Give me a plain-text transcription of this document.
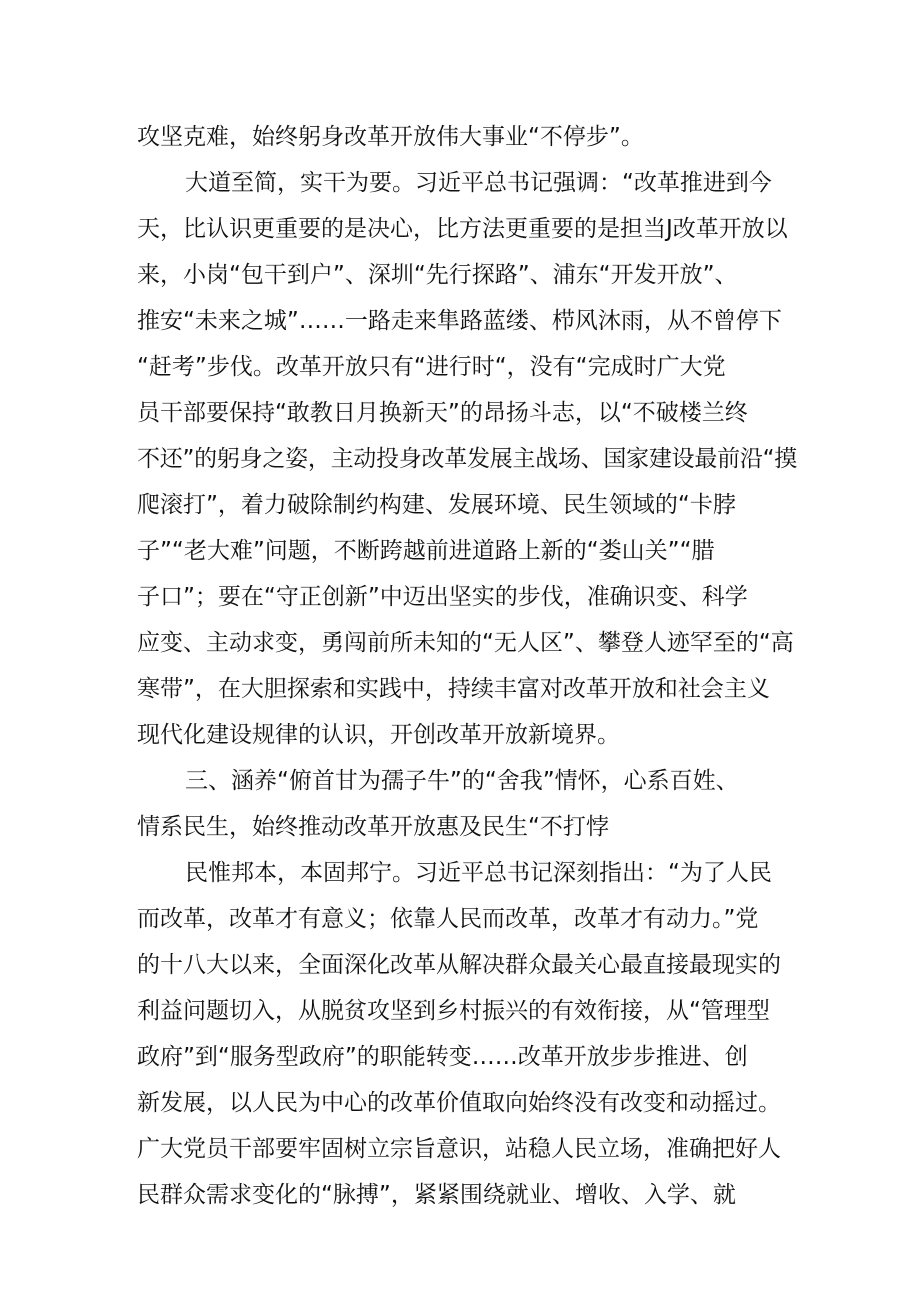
攻坚克难，始终躬身改革开放伟大事业“不停步”。
大道至简，实干为要。习近平总书记强调：“改革推进到今
天，比认识更重要的是决心，比方法更重要的是担当J改革开放以
来，小岗“包干到户”、深圳“先行探路”、浦东“开发开放”、
推安“未来之城”……一路走来隼路蓝缕、栉风沐雨，从不曾停下
“赶考”步伐。改革开放只有“进行时“，没有“完成时广大党
员干部要保持“敢教日月换新天”的昂扬斗志，以“不破楼兰终
不还”的躬身之姿，主动投身改革发展主战场、国家建设最前沿“摸
爬滚打”，着力破除制约构建、发展环境、民生领域的“卡脖
子”“老大难”问题，不断跨越前进道路上新的“娄山关”“腊
子口”；要在“守正创新”中迈出坚实的步伐，准确识变、科学
应变、主动求变，勇闯前所未知的“无人区”、攀登人迹罕至的“高
寒带”，在大胆探索和实践中，持续丰富对改革开放和社会主义
现代化建设规律的认识，开创改革开放新境界。
三、涵养“俯首甘为孺子牛”的“舍我”情怀，心系百姓、
情系民生，始终推动改革开放惠及民生“不打悖
民惟邦本，本固邦宁。习近平总书记深刻指出：“为了人民
而改革，改革才有意义；依靠人民而改革，改革才有动力。”党
的十八大以来，全面深化改革从解决群众最关心最直接最现实的
利益问题切入，从脱贫攻坚到乡村振兴的有效衔接，从“管理型
政府”到“服务型政府”的职能转变……改革开放步步推进、创
新发展，以人民为中心的改革价值取向始终没有改变和动摇过。
广大党员干部要牢固树立宗旨意识，站稳人民立场，准确把好人
民群众需求变化的“脉搏”，紧紧围绕就业、增收、入学、就
